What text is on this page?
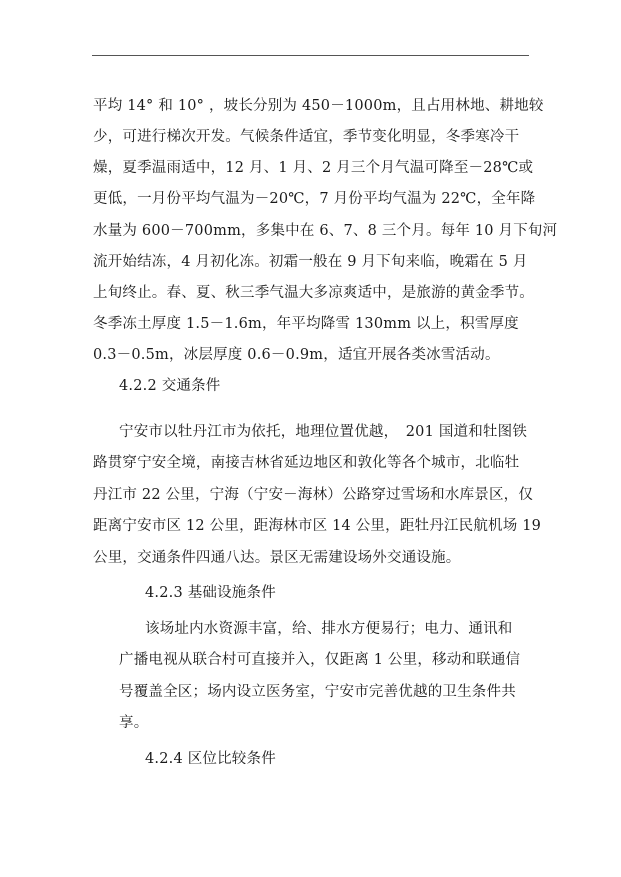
平均 14° 和 10° ，坡长分别为 450－1000m，且占用林地、耕地较
少，可进行梯次开发。气候条件适宜，季节变化明显，冬季寒冷干
燥，夏季温雨适中，12 月、1 月、2 月三个月气温可降至－28℃或
更低，一月份平均气温为－20℃，7 月份平均气温为 22℃，全年降
水量为 600－700mm，多集中在 6、7、8 三个月。每年 10 月下旬河
流开始结冻，4 月初化冻。初霜一般在 9 月下旬来临，晚霜在 5 月
上旬终止。春、夏、秋三季气温大多凉爽适中，是旅游的黄金季节。
冬季冻土厚度 1.5－1.6m，年平均降雪 130mm 以上，积雪厚度
0.3－0.5m，冰层厚度 0.6－0.9m，适宜开展各类冰雪活动。
4.2.2 交通条件
宁安市以牡丹江市为依托，地理位置优越，　201 国道和牡图铁
路贯穿宁安全境，南接吉林省延边地区和敦化等各个城市，北临牡
丹江市 22 公里，宁海（宁安－海林）公路穿过雪场和水库景区，仅
距离宁安市区 12 公里，距海林市区 14 公里，距牡丹江民航机场 19
公里，交通条件四通八达。景区无需建设场外交通设施。
4.2.3 基础设施条件
该场址内水资源丰富，给、排水方便易行；电力、通讯和
广播电视从联合村可直接并入，仅距离 1 公里，移动和联通信
号覆盖全区；场内设立医务室，宁安市完善优越的卫生条件共
享。
4.2.4 区位比较条件
